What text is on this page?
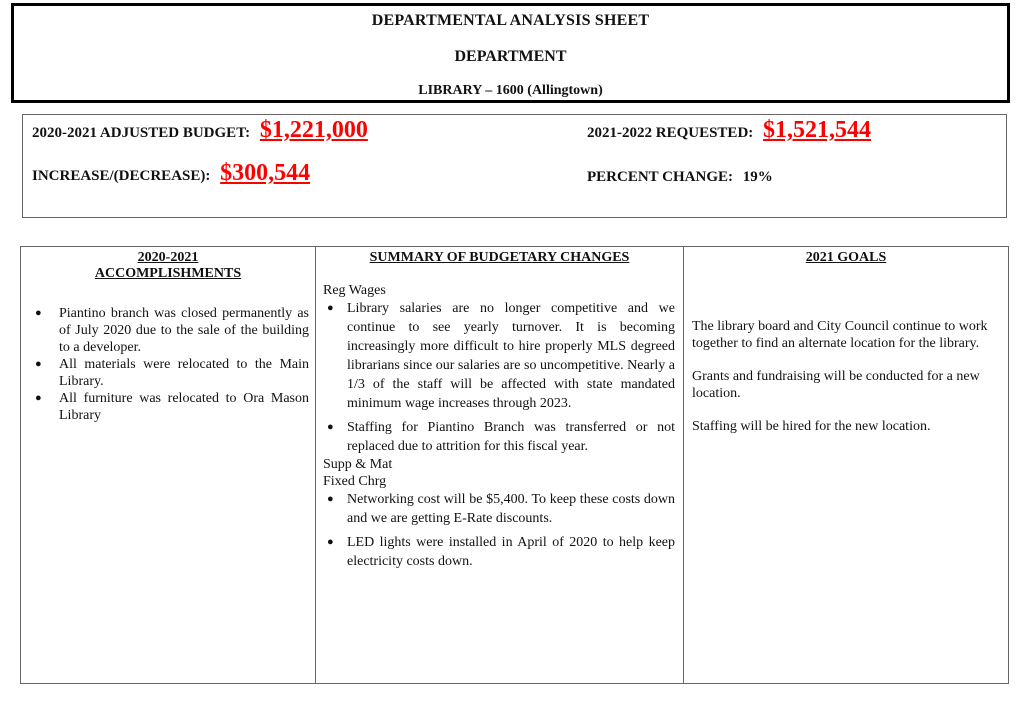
DEPARTMENTAL ANALYSIS SHEET
DEPARTMENT
LIBRARY – 1600 (Allingtown)
2020-2021 ADJUSTED BUDGET: $1,221,000	2021-2022 REQUESTED: $1,521,544
INCREASE/(DECREASE): $300,544	PERCENT CHANGE: 19%
2020-2021
ACCOMPLISHMENTS
● Piantino branch was closed permanently as of July 2020 due to the sale of the building to a developer.
● All materials were relocated to the Main Library.
● All furniture was relocated to Ora Mason Library
SUMMARY OF BUDGETARY CHANGES
Reg Wages
● Library salaries are no longer competitive and we continue to see yearly turnover. It is becoming increasingly more difficult to hire properly MLS degreed librarians since our salaries are so uncompetitive. Nearly a 1/3 of the staff will be affected with state mandated minimum wage increases through 2023.
● Staffing for Piantino Branch was transferred or not replaced due to attrition for this fiscal year.
Supp & Mat
Fixed Chrg
● Networking cost will be $5,400. To keep these costs down and we are getting E-Rate discounts.
● LED lights were installed in April of 2020 to help keep electricity costs down.
2021 GOALS

The library board and City Council continue to work together to find an alternate location for the library.

Grants and fundraising will be conducted for a new location.

Staffing will be hired for the new location.
